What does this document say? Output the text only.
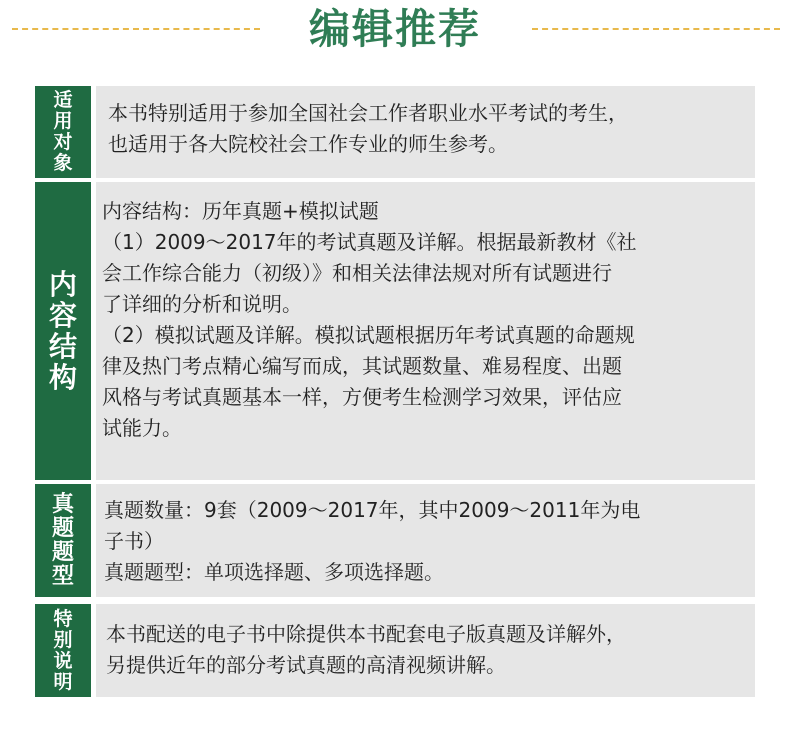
编辑推荐
适
用
对
象

本书特别适用于参加全国社会工作者职业水平考试的考生，

也适用于各大院校社会工作专业的师生参考。

内
容
结
构

内容结构：历年真题+模拟试题

（1）2009～2017年的考试真题及详解。根据最新教材《社

会工作综合能力（初级）》和相关法律法规对所有试题进行

了详细的分析和说明。

（2）模拟试题及详解。模拟试题根据历年考试真题的命题规

律及热门考点精心编写而成，其试题数量、难易程度、出题

风格与考试真题基本一样，方便考生检测学习效果，评估应

试能力。

真
题
题
型

真题数量：9套（2009～2017年，其中2009～2011年为电

子书）

真题题型：单项选择题、多项选择题。

特
别
说
明

本书配送的电子书中除提供本书配套电子版真题及详解外，

另提供近年的部分考试真题的高清视频讲解。
